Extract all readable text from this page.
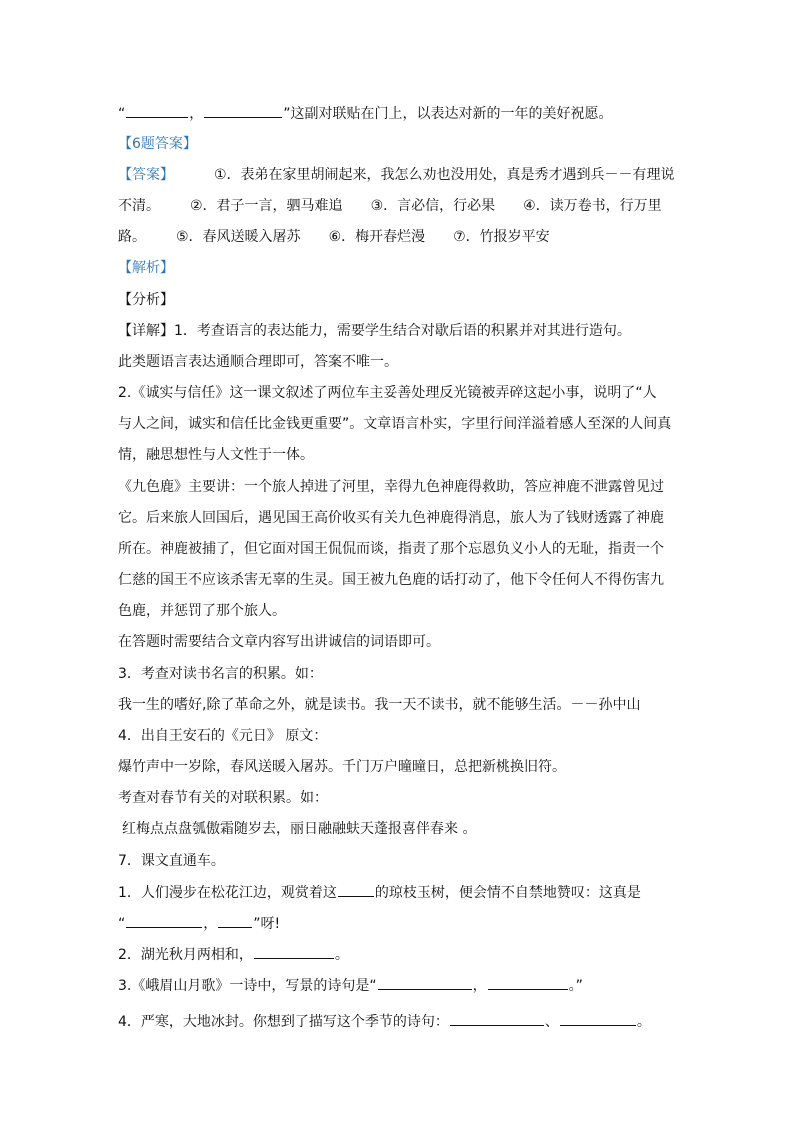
“	，	”这副对联贴在门上，以表达对新的一年的美好祝愿。
【6题答案】
【答案】	①．表弟在家里胡闹起来，我怎么劝也没用处，真是秀才遇到兵－－有理说
不清。 ②．君子一言，驷马难追 ③．言必信，行必果 ④．读万卷书，行万里
路。 ⑤．春风送暖入屠苏 ⑥．梅开春烂漫 ⑦．竹报岁平安
【解析】
【分析】
【详解】1．考查语言的表达能力，需要学生结合对歇后语的积累并对其进行造句。
此类题语言表达通顺合理即可，答案不唯一。
2.《诚实与信任》这一课文叙述了两位车主妥善处理反光镜被弄碎这起小事，说明了“人
与人之间，诚实和信任比金钱更重要”。文章语言朴实，字里行间洋溢着感人至深的人间真
情，融思想性与人文性于一体。
《九色鹿》主要讲：一个旅人掉进了河里，幸得九色神鹿得救助，答应神鹿不泄露曾见过
它。后来旅人回国后，遇见国王高价收买有关九色神鹿得消息，旅人为了钱财透露了神鹿
所在。神鹿被捕了，但它面对国王侃侃而谈，指责了那个忘恩负义小人的无耻，指责一个
仁慈的国王不应该杀害无辜的生灵。国王被九色鹿的话打动了，他下令任何人不得伤害九
色鹿，并惩罚了那个旅人。
在答题时需要结合文章内容写出讲诚信的词语即可。
3．考查对读书名言的积累。如：
我一生的嗜好,除了革命之外，就是读书。我一天不读书，就不能够生活。－－孙中山
4．出自王安石的《元日》 原文：
爆竹声中一岁除，春风送暖入屠苏。千门万户曈曈日，总把新桃换旧符。
考查对春节有关的对联积累。如：
红梅点点盘瓠傲霜随岁去，丽日融融蚨天蓬报喜伴春来 。
7．课文直通车。
1．人们漫步在松花江边，观赏着这	的琼枝玉树，便会情不自禁地赞叹：这真是
“	，	”呀!
2．湖光秋月两相和，	。
3.《峨眉山月歌》一诗中，写景的诗句是“	，	。”
4．严寒，大地冰封。你想到了描写这个季节的诗句：	、	。
